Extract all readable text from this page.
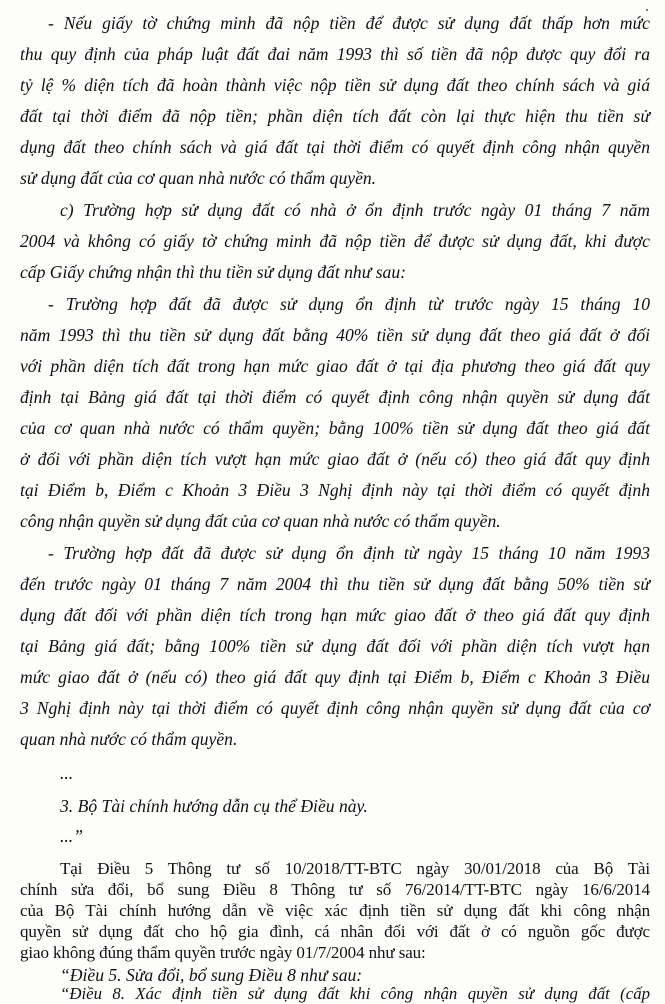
- Nếu giấy tờ chứng minh đã nộp tiền để được sử dụng đất thấp hơn mức
thu quy định của pháp luật đất đai năm 1993 thì số tiền đã nộp được quy đổi ra
tỷ lệ % diện tích đã hoàn thành việc nộp tiền sử dụng đất theo chính sách và giá
đất tại thời điểm đã nộp tiền; phần diện tích đất còn lại thực hiện thu tiền sử
dụng đất theo chính sách và giá đất tại thời điểm có quyết định công nhận quyền
sử dụng đất của cơ quan nhà nước có thẩm quyền.
c) Trường hợp sử dụng đất có nhà ở ổn định trước ngày 01 tháng 7 năm
2004 và không có giấy tờ chứng minh đã nộp tiền để được sử dụng đất, khi được
cấp Giấy chứng nhận thì thu tiền sử dụng đất như sau:
- Trường hợp đất đã được sử dụng ổn định từ trước ngày 15 tháng 10
năm 1993 thì thu tiền sử dụng đất bằng 40% tiền sử dụng đất theo giá đất ở đối
với phần diện tích đất trong hạn mức giao đất ở tại địa phương theo giá đất quy
định tại Bảng giá đất tại thời điểm có quyết định công nhận quyền sử dụng đất
của cơ quan nhà nước có thẩm quyền; bằng 100% tiền sử dụng đất theo giá đất
ở đối với phần diện tích vượt hạn mức giao đất ở (nếu có) theo giá đất quy định
tại Điểm b, Điểm c Khoản 3 Điều 3 Nghị định này tại thời điểm có quyết định
công nhận quyền sử dụng đất của cơ quan nhà nước có thẩm quyền.
- Trường hợp đất đã được sử dụng ổn định từ ngày 15 tháng 10 năm 1993
đến trước ngày 01 tháng 7 năm 2004 thì thu tiền sử dụng đất bằng 50% tiền sử
dụng đất đối với phần diện tích trong hạn mức giao đất ở theo giá đất quy định
tại Bảng giá đất; bằng 100% tiền sử dụng đất đối với phần diện tích vượt hạn
mức giao đất ở (nếu có) theo giá đất quy định tại Điểm b, Điểm c Khoản 3 Điều
3 Nghị định này tại thời điểm có quyết định công nhận quyền sử dụng đất của cơ
quan nhà nước có thẩm quyền.
...
3. Bộ Tài chính hướng dẫn cụ thể Điều này.
...”
Tại Điều 5 Thông tư số 10/2018/TT-BTC ngày 30/01/2018 của Bộ Tài
chính sửa đổi, bổ sung Điều 8 Thông tư số 76/2014/TT-BTC ngày 16/6/2014
của Bộ Tài chính hướng dẫn về việc xác định tiền sử dụng đất khi công nhận
quyền sử dụng đất cho hộ gia đình, cá nhân đối với đất ở có nguồn gốc được
giao không đúng thẩm quyền trước ngày 01/7/2004 như sau:
“Điều 5. Sửa đổi, bổ sung Điều 8 như sau:
“Điều 8. Xác định tiền sử dụng đất khi công nhận quyền sử dụng đất (cấp
